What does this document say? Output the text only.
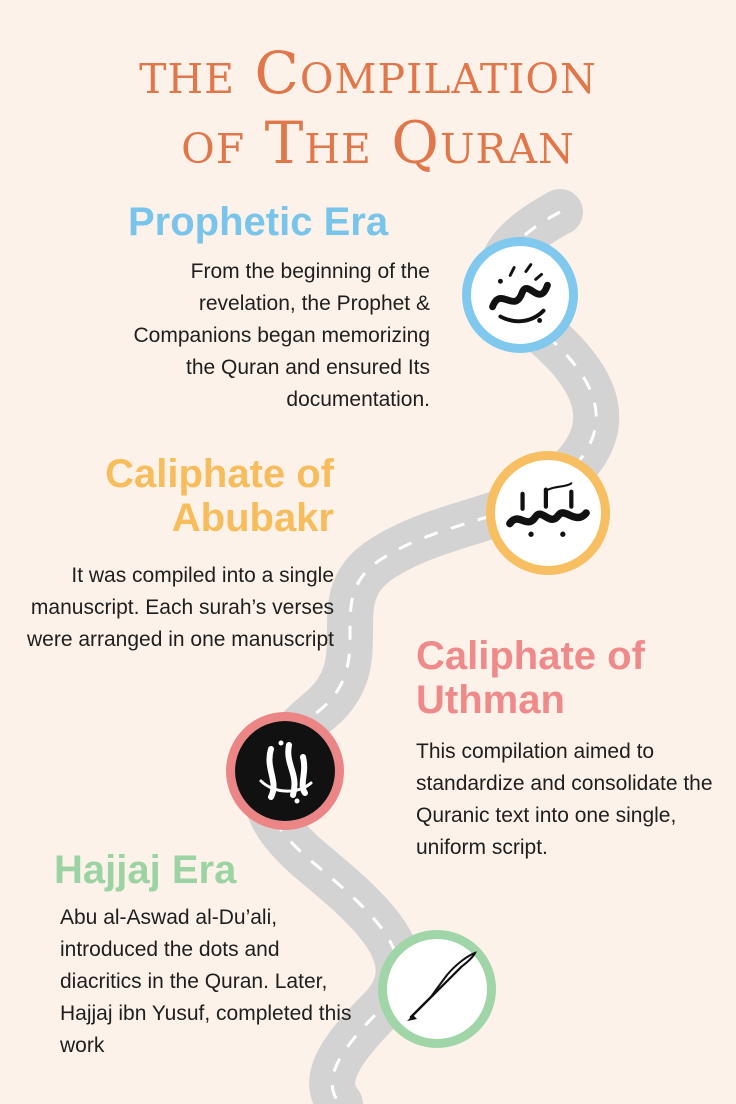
the Compilation
of The Quran
Prophetic Era

From the beginning of the revelation, the Prophet & Companions began memorizing the Quran and ensured Its documentation.

Caliphate of Abubakr

It was compiled into a single manuscript. Each surah’s verses were arranged in one manuscript Caliphate of Uthman

This compilation aimed to standardize and consolidate the Quranic text into one single, uniform script.

Hajjaj Era

Abu al-Aswad al-Du’ali, introduced the dots and diacritics in the Quran. Later, Hajjaj ibn Yusuf, completed this work
